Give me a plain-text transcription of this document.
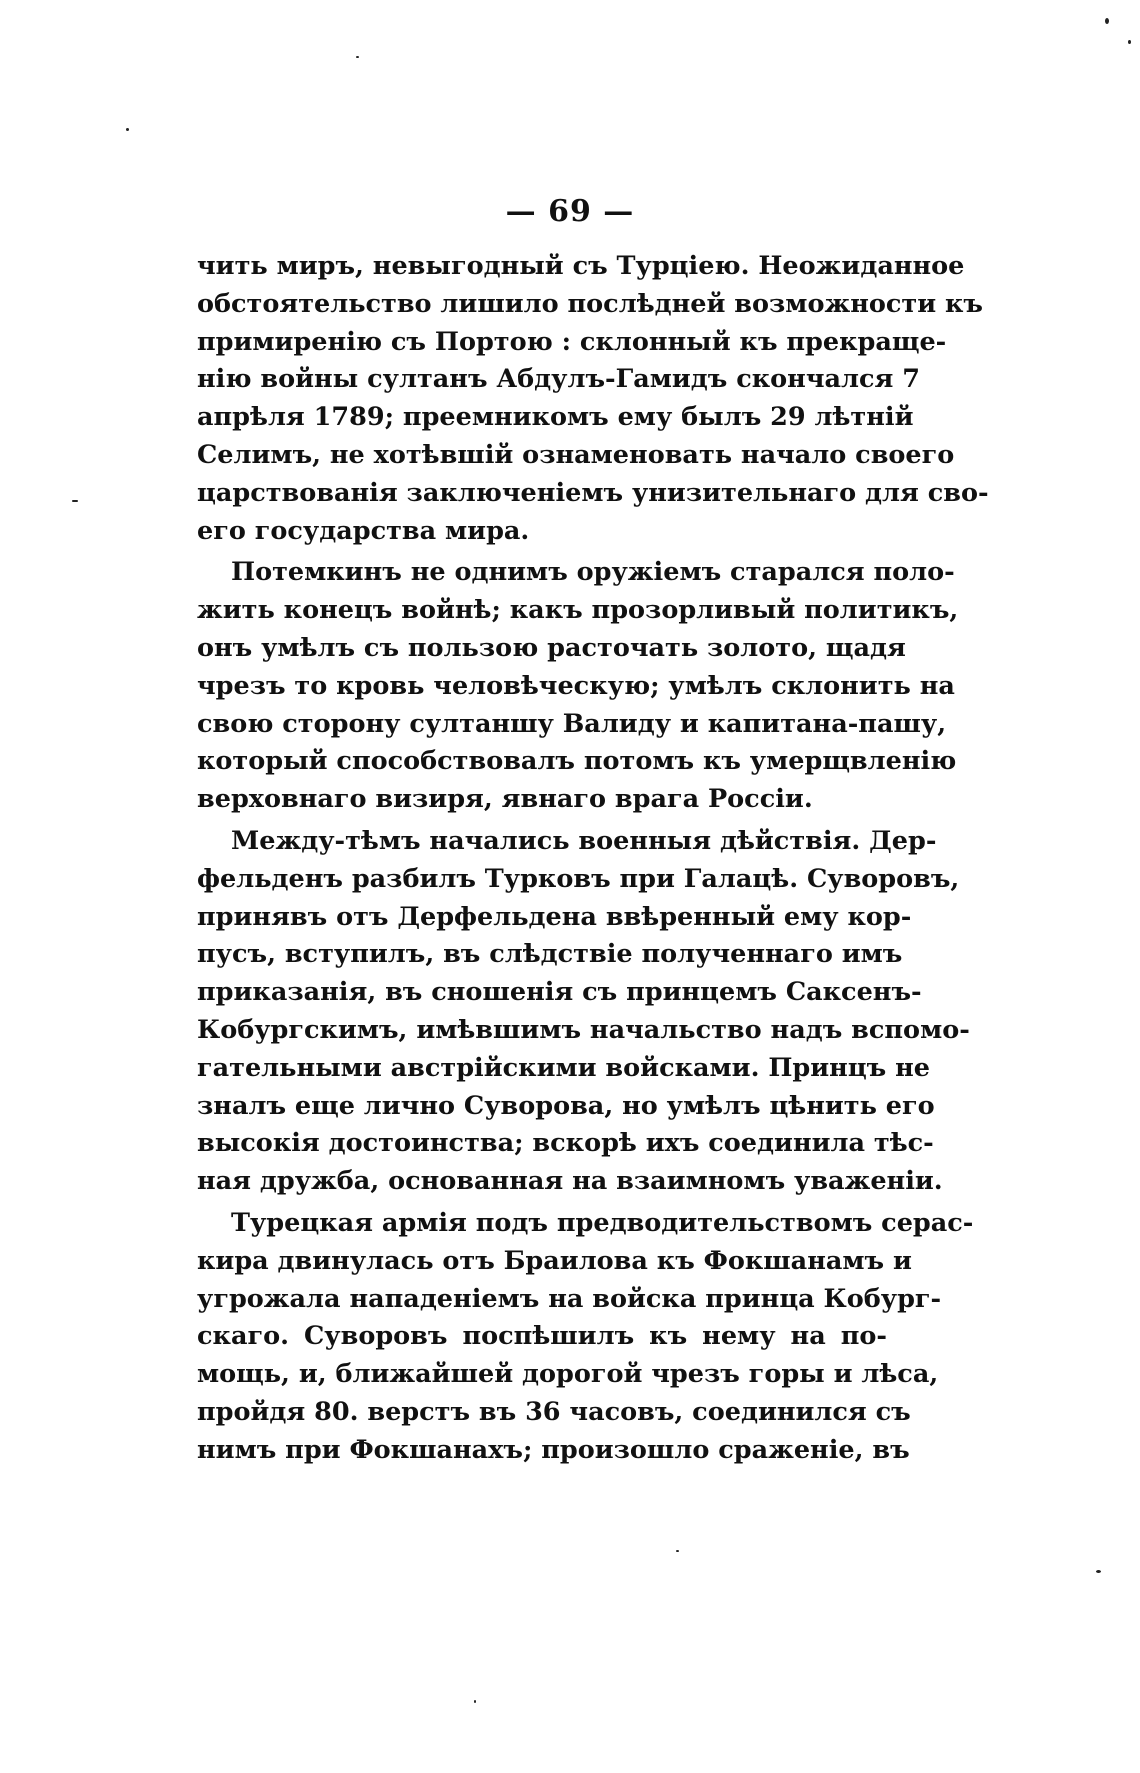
— 69 —
чить миръ, невыгодный съ Турціею. Неожиданное
обстоятельство лишило послѣдней возможности къ
примиренію съ Портою : склонный къ прекраще-
нію войны султанъ Абдулъ-Гамидъ скончался 7
апрѣля 1789; преемникомъ ему былъ 29 лѣтній
Селимъ, не хотѣвшій ознаменовать начало своего
царствованія заключеніемъ унизительнаго для сво-
его государства мира.
Потемкинъ не однимъ оружіемъ старался поло-
жить конецъ войнѣ; какъ прозорливый политикъ,
онъ умѣлъ съ пользою расточать золото, щадя
чрезъ то кровь человѣческую; умѣлъ склонить на
свою сторону султаншу Валиду и капитана-пашу,
который способствовалъ потомъ къ умерщвленію
верховнаго визиря, явнаго врага Россіи.
Между-тѣмъ начались военныя дѣйствія. Дер-
фельденъ разбилъ Турковъ при Галацѣ. Суворовъ,
принявъ отъ Дерфельдена ввѣренный ему кор-
пусъ, вступилъ, въ слѣдствіе полученнаго имъ
приказанія, въ сношенія съ принцемъ Саксенъ-
Кобургскимъ, имѣвшимъ начальство надъ вспомо-
гательными австрійскими войсками. Принцъ не
зналъ еще лично Суворова, но умѣлъ цѣнить его
высокія достоинства; вскорѣ ихъ соединила тѣс-
ная дружба, основанная на взаимномъ уваженіи.
Турецкая армія подъ предводительствомъ сераc-
кира двинулась отъ Браилова къ Фокшанамъ и
угрожала нападеніемъ на войска принца Кобург-
скаго. Суворовъ поспѣшилъ къ нему на по-
мощь, и, ближайшей дорогой чрезъ горы и лѣса,
пройдя 80. верстъ въ 36 часовъ, соединился съ
нимъ при Фокшанахъ; произошло сраженіе, въ
